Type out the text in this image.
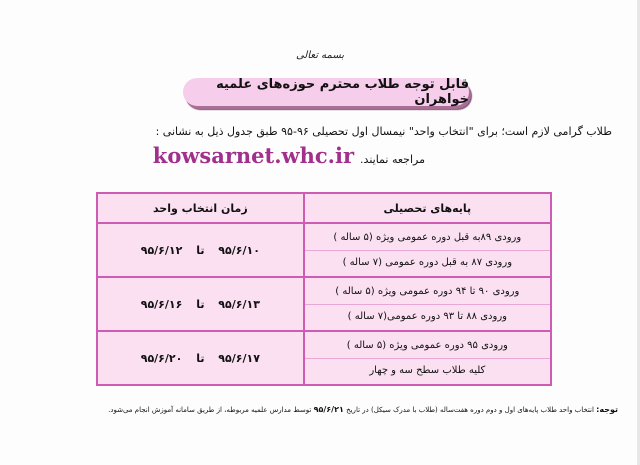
بسمه تعالی
قابل توجه طلاب محترم حوزه‌های علمیه خواهران
طلاب گرامی لازم است؛ برای "انتخاب واحد" نیمسال اول تحصیلی ۹۶-۹۵ طبق جدول ذیل به نشانی :
مراجعه نمایند.
kowsarnet.whc.ir
پایه‌های تحصیلی	زمان انتخاب واحد

ورودی ۸۹به قبل دوره عمومی ویژه (۵ ساله )
ورودی ۸۷ به قبل دوره عمومی (۷ ساله )	۹۵/۶/۱۰ تا ۹۵/۶/۱۲

ورودی ۹۰ تا ۹۴ دوره عمومی ویژه (۵ ساله )
ورودی ۸۸ تا ۹۳ دوره عمومی(۷ ساله )	۹۵/۶/۱۳ تا ۹۵/۶/۱۶

ورودی ۹۵ دوره عمومی ویژه (۵ ساله )
کلیه طلاب سطح سه و چهار	۹۵/۶/۱۷ تا ۹۵/۶/۲۰
توجه: انتخاب واحد طلاب پایه‌های اول و دوم دوره هفت‌ساله (طلاب با مدرک سیکل) در تاریخ ۹۵/۶/۲۱ توسط مدارس علمیه مربوطه، از طریق سامانه آموزش انجام می‌شود.
